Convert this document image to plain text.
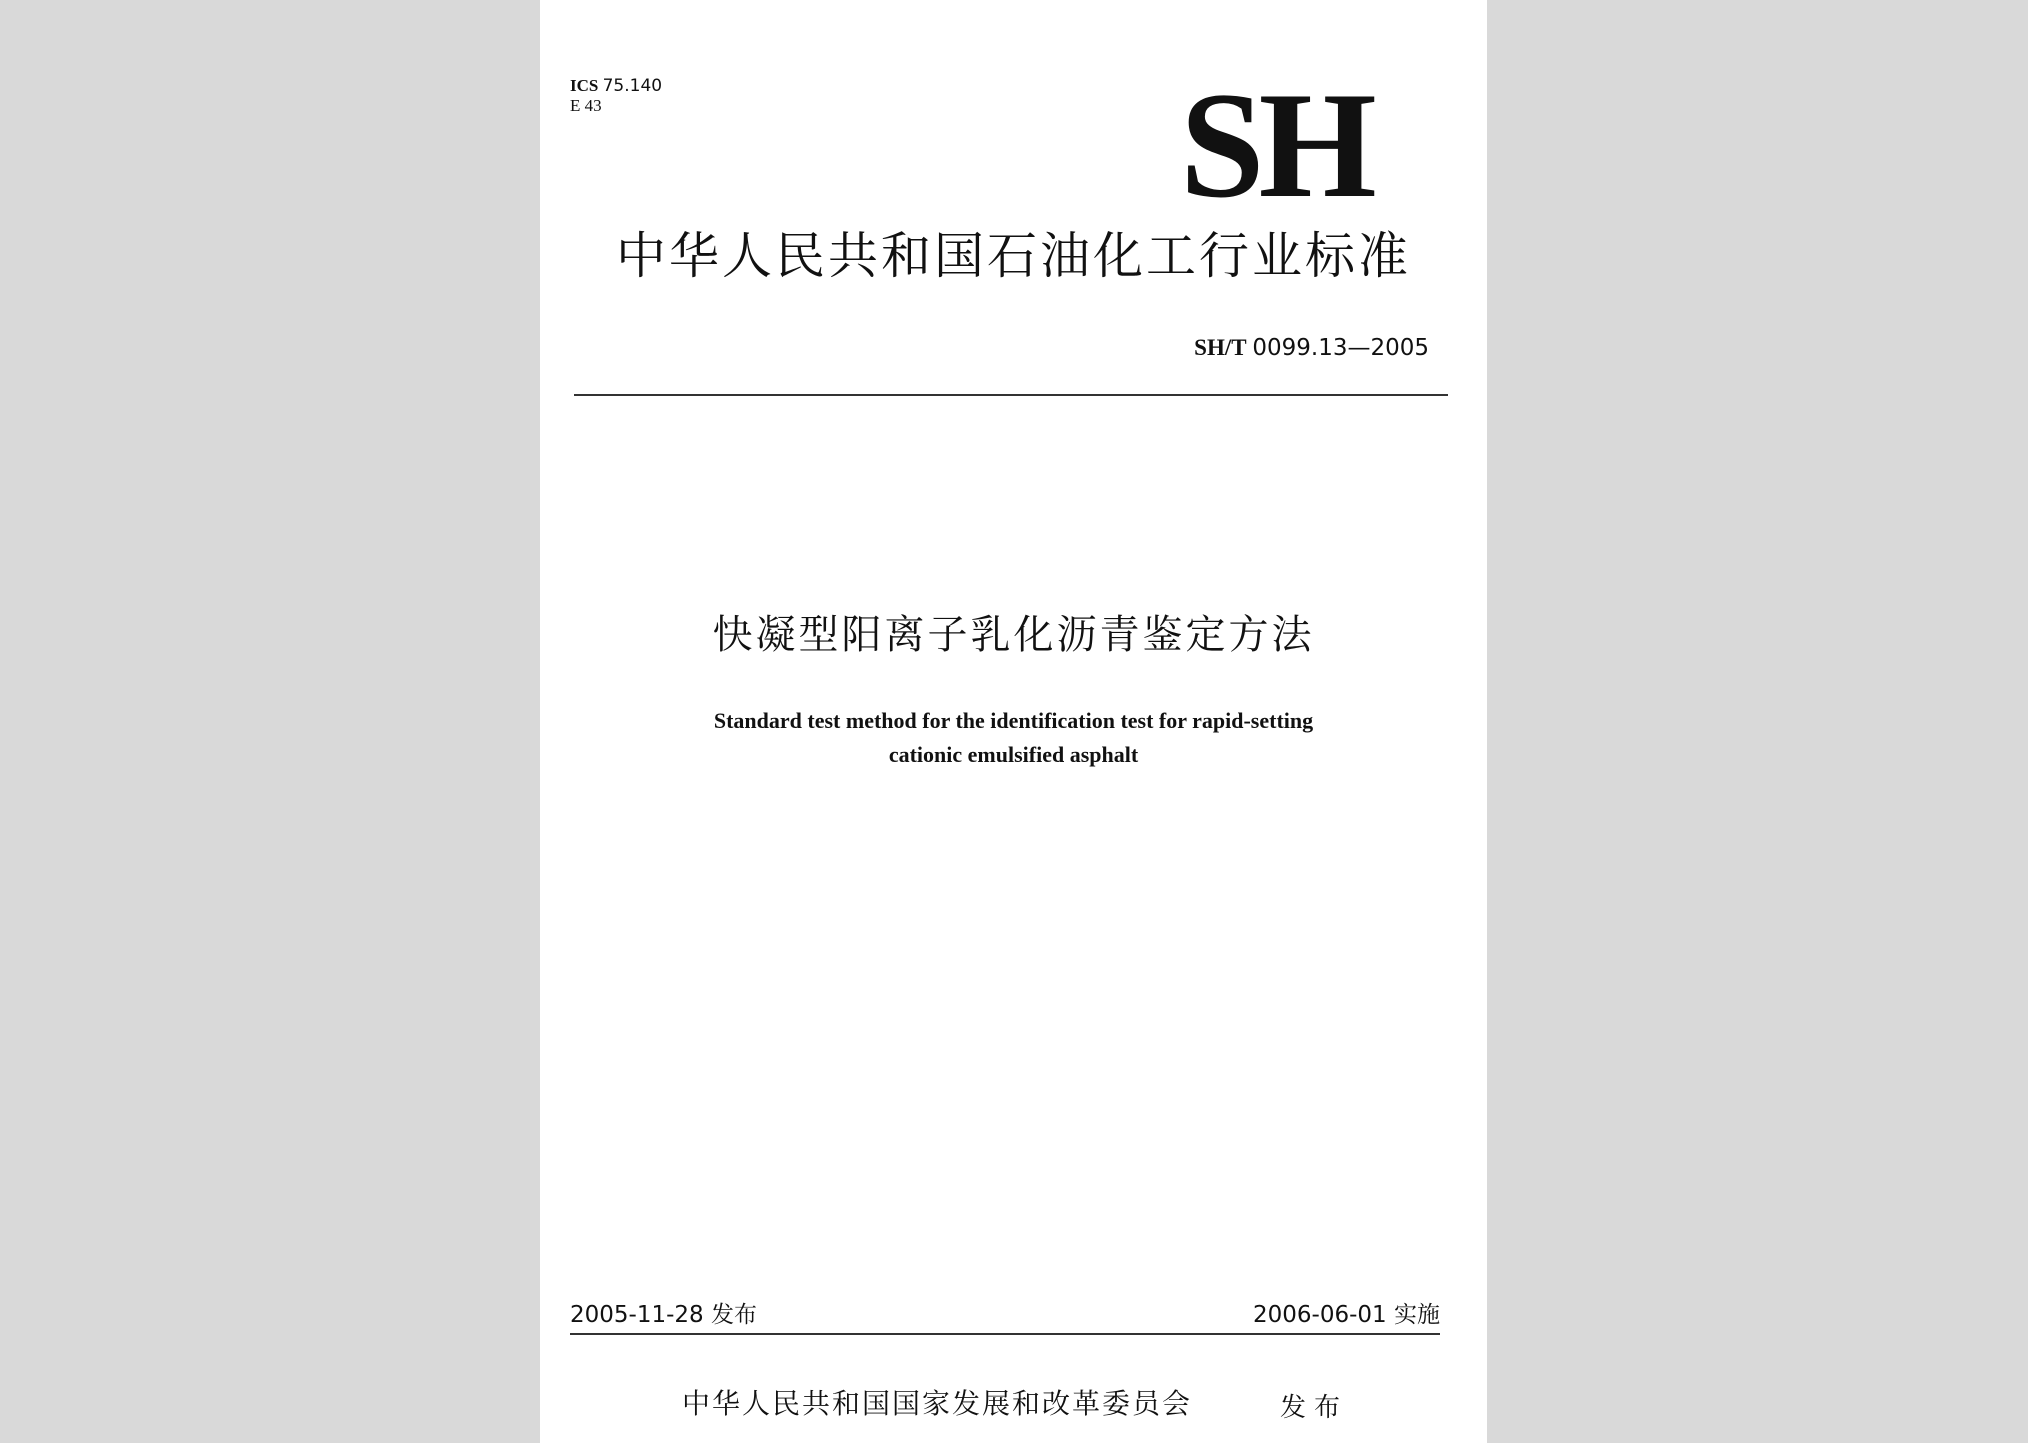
ICS 75.140
E 43	SH
中华人民共和国石油化工行业标准
SH/T 0099.13—2005
快凝型阳离子乳化沥青鉴定方法
Standard test method for the identification test for rapid-setting
cationic emulsified asphalt
2005-11-28 发布	2006-06-01 实施
中华人民共和国国家发展和改革委员会	发布
